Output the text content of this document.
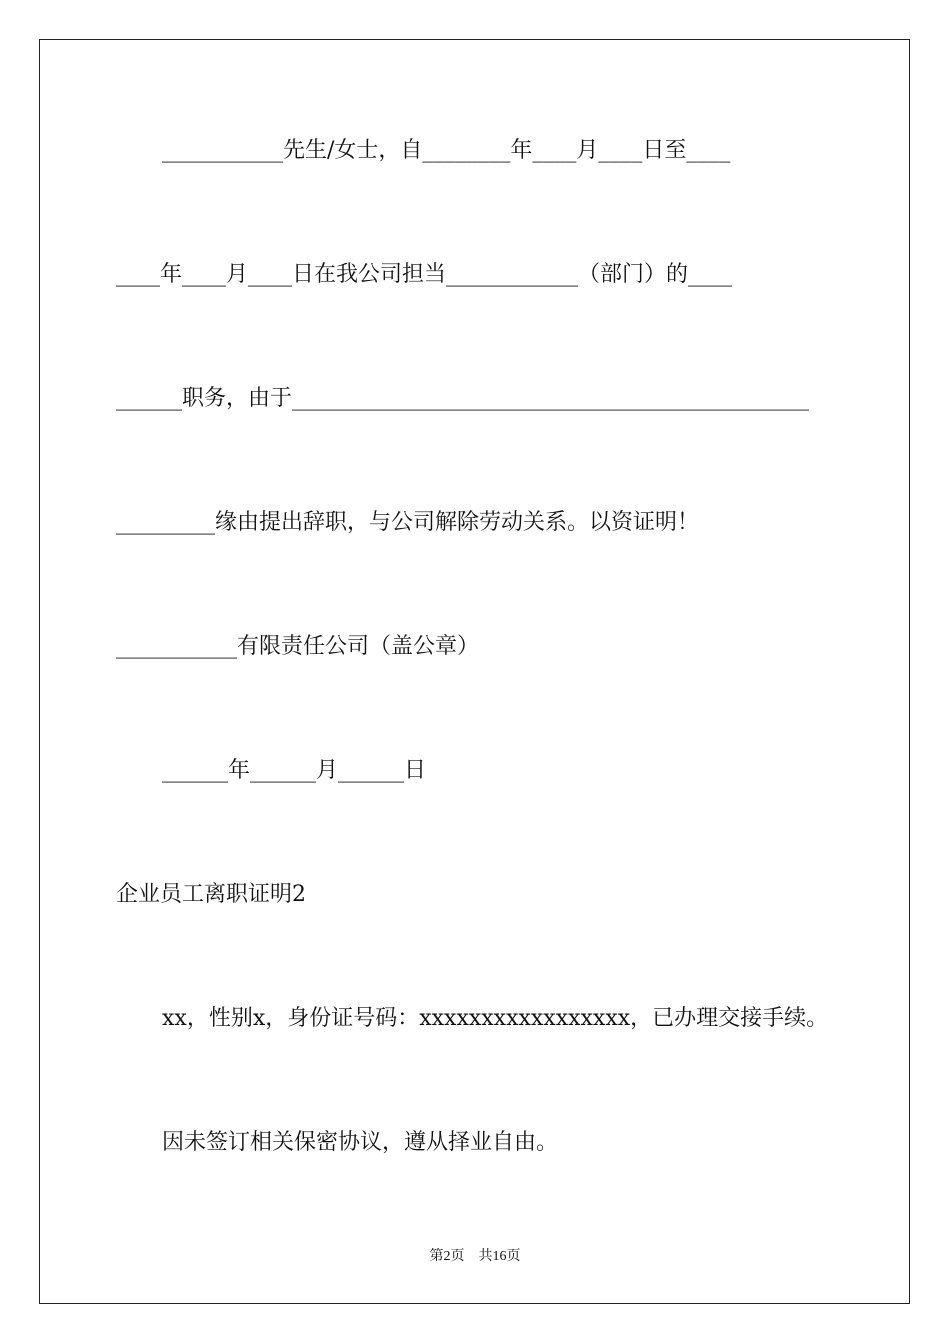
___________先生/女士，自________年____月____日至____
____年____月____日在我公司担当____________（部门）的____
______职务，由于_______________________________________________
_________缘由提出辞职，与公司解除劳动关系。以资证明！
___________有限责任公司（盖公章）
______年______月______日
企业员工离职证明2
xx，性别x，身份证号码：xxxxxxxxxxxxxxxxx，已办理交接手续。
因未签订相关保密协议，遵从择业自由。
第2页　共16页
